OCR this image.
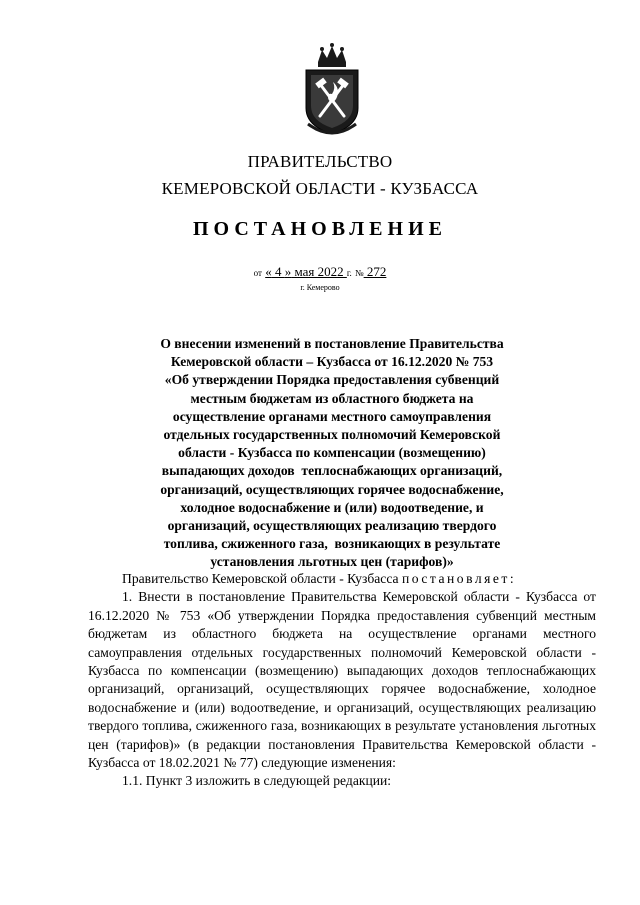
ПРАВИТЕЛЬСТВО
КЕМЕРОВСКОЙ ОБЛАСТИ - КУЗБАССА
ПОСТАНОВЛЕНИЕ
от « 4 » мая 2022 г. № 272
г. Кемерово
О внесении изменений в постановление Правительства
Кемеровской области – Кузбасса от 16.12.2020 № 753
«Об утверждении Порядка предоставления субвенций
местным бюджетам из областного бюджета на
осуществление органами местного самоуправления
отдельных государственных полномочий Кемеровской
области - Кузбасса по компенсации (возмещению)
выпадающих доходов  теплоснабжающих организаций,
организаций, осуществляющих горячее водоснабжение,
холодное водоснабжение и (или) водоотведение, и
организаций, осуществляющих реализацию твердого
топлива, сжиженного газа,  возникающих в результате
установления льготных цен (тарифов)»

Правительство Кемеровской области - Кузбасса постановляет:

1. Внести в постановление Правительства Кемеровской области - Кузбасса от 16.12.2020 № 753 «Об утверждении Порядка предоставления субвенций местным бюджетам из областного бюджета на осуществление органами местного самоуправления отдельных государственных полномочий Кемеровской области - Кузбасса по компенсации (возмещению) выпадающих доходов теплоснабжающих организаций, организаций, осуществляющих горячее водоснабжение, холодное водоснабжение и (или) водоотведение, и организаций, осуществляющих реализацию твердого топлива, сжиженного газа, возникающих в результате установления льготных цен (тарифов)» (в редакции постановления Правительства Кемеровской области - Кузбасса от 18.02.2021 № 77) следующие изменения:

1.1. Пункт 3 изложить в следующей редакции:
